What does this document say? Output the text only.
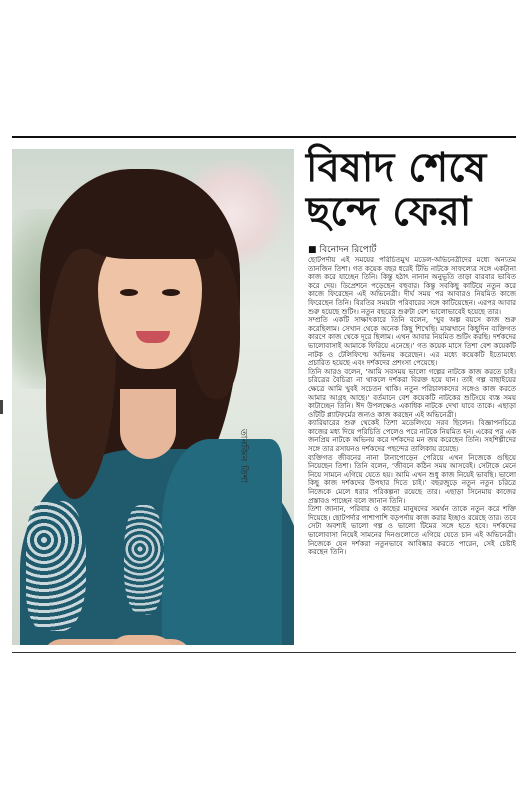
তানজিন তিশা
বিষাদ শেষে
ছন্দে ফেরা
■ বিনোদন রিপোর্ট

ছোটপর্দায় এই সময়ের পরিচিতমুখ মডেল-অভিনেত্রীদের মধ্যে অন্যতম তানজিন তিশা। গত কয়েক বছর ধরেই টিভি নাটকে সাফল্যের সঙ্গে একটানা কাজ করে যাচ্ছেন তিনি। কিন্তু হঠাৎ নানান অনুভূতি তাড়া বারবার ভাবিত করে দেয়। ডিপ্রেশনে পড়েছেন বহুবার। কিন্তু সবকিছু কাটিয়ে নতুন করে কাজে ফিরেছেন এই অভিনেত্রী। দীর্ঘ সময় পর আবারও নিয়মিত কাজে ফিরেছেন তিনি। বিরতির সময়টা পরিবারের সঙ্গে কাটিয়েছেন। এরপর আবার শুরু হয়েছে শুটিং। নতুন বছরের শুরুটা বেশ ভালোভাবেই হয়েছে তার।

সম্প্রতি একটি সাক্ষাৎকারে তিনি বলেন, ‘খুব অল্প বয়সে কাজ শুরু করেছিলাম। সেখান থেকে অনেক কিছু শিখেছি। মাঝখানে কিছুদিন ব্যক্তিগত কারণে কাজ থেকে দূরে ছিলাম। এখন আবার নিয়মিত শুটিং করছি। দর্শকদের ভালোবাসাই আমাকে ফিরিয়ে এনেছে।’ গত কয়েক মাসে তিশা বেশ কয়েকটি নাটক ও টেলিফিল্মে অভিনয় করেছেন। এর মধ্যে কয়েকটি ইতোমধ্যে প্রচারিত হয়েছে এবং দর্শকদের প্রশংসা পেয়েছে।

তিনি আরও বলেন, ‘আমি সবসময় ভালো গল্পের নাটকে কাজ করতে চাই। চরিত্রের বৈচিত্র্য না থাকলে দর্শকরা বিরক্ত হয়ে যান। তাই গল্প বাছাইয়ের ক্ষেত্রে আমি খুবই সচেতন থাকি। নতুন পরিচালকদের সঙ্গেও কাজ করতে আমার আগ্রহ আছে।’ বর্তমানে বেশ কয়েকটি নাটকের শুটিংয়ে ব্যস্ত সময় কাটাচ্ছেন তিনি। ঈদ উপলক্ষেও একাধিক নাটকে দেখা যাবে তাকে। এছাড়া ওটিটি প্ল্যাটফর্মের জন্যও কাজ করছেন এই অভিনেত্রী।

ক্যারিয়ারের শুরু থেকেই তিশা মডেলিংয়ে সরব ছিলেন। বিজ্ঞাপনচিত্রে কাজের মধ্য দিয়ে পরিচিতি পেলেও পরে নাটকে নিয়মিত হন। একের পর এক জনপ্রিয় নাটকে অভিনয় করে দর্শকদের মন জয় করেছেন তিনি। সহশিল্পীদের সঙ্গে তার রসায়নও দর্শকদের পছন্দের তালিকায় রয়েছে।

ব্যক্তিগত জীবনের নানা টানাপোড়েন পেরিয়ে এখন নিজেকে গুছিয়ে নিয়েছেন তিশা। তিনি বলেন, ‘জীবনে কঠিন সময় আসবেই। সেটাকে মেনে নিয়ে সামনে এগিয়ে যেতে হয়। আমি এখন শুধু কাজ নিয়েই ভাবছি। ভালো কিছু কাজ দর্শকদের উপহার দিতে চাই।’ বছরজুড়ে নতুন নতুন চরিত্রে নিজেকে মেলে ধরার পরিকল্পনা রয়েছে তার। এছাড়া সিনেমায় কাজের প্রস্তাবও পাচ্ছেন বলে জানান তিনি।

তিশা জানান, পরিবার ও কাছের মানুষদের সমর্থন তাকে নতুন করে শক্তি দিয়েছে। ছোটপর্দার পাশাপাশি বড়পর্দায় কাজ করার ইচ্ছাও রয়েছে তার। তবে সেটা অবশ্যই ভালো গল্প ও ভালো টিমের সঙ্গে হতে হবে। দর্শকদের ভালোবাসা নিয়েই সামনের দিনগুলোতে এগিয়ে যেতে চান এই অভিনেত্রী। নিজেকে যেন দর্শকরা নতুনভাবে আবিষ্কার করতে পারেন, সেই চেষ্টাই করছেন তিনি।
